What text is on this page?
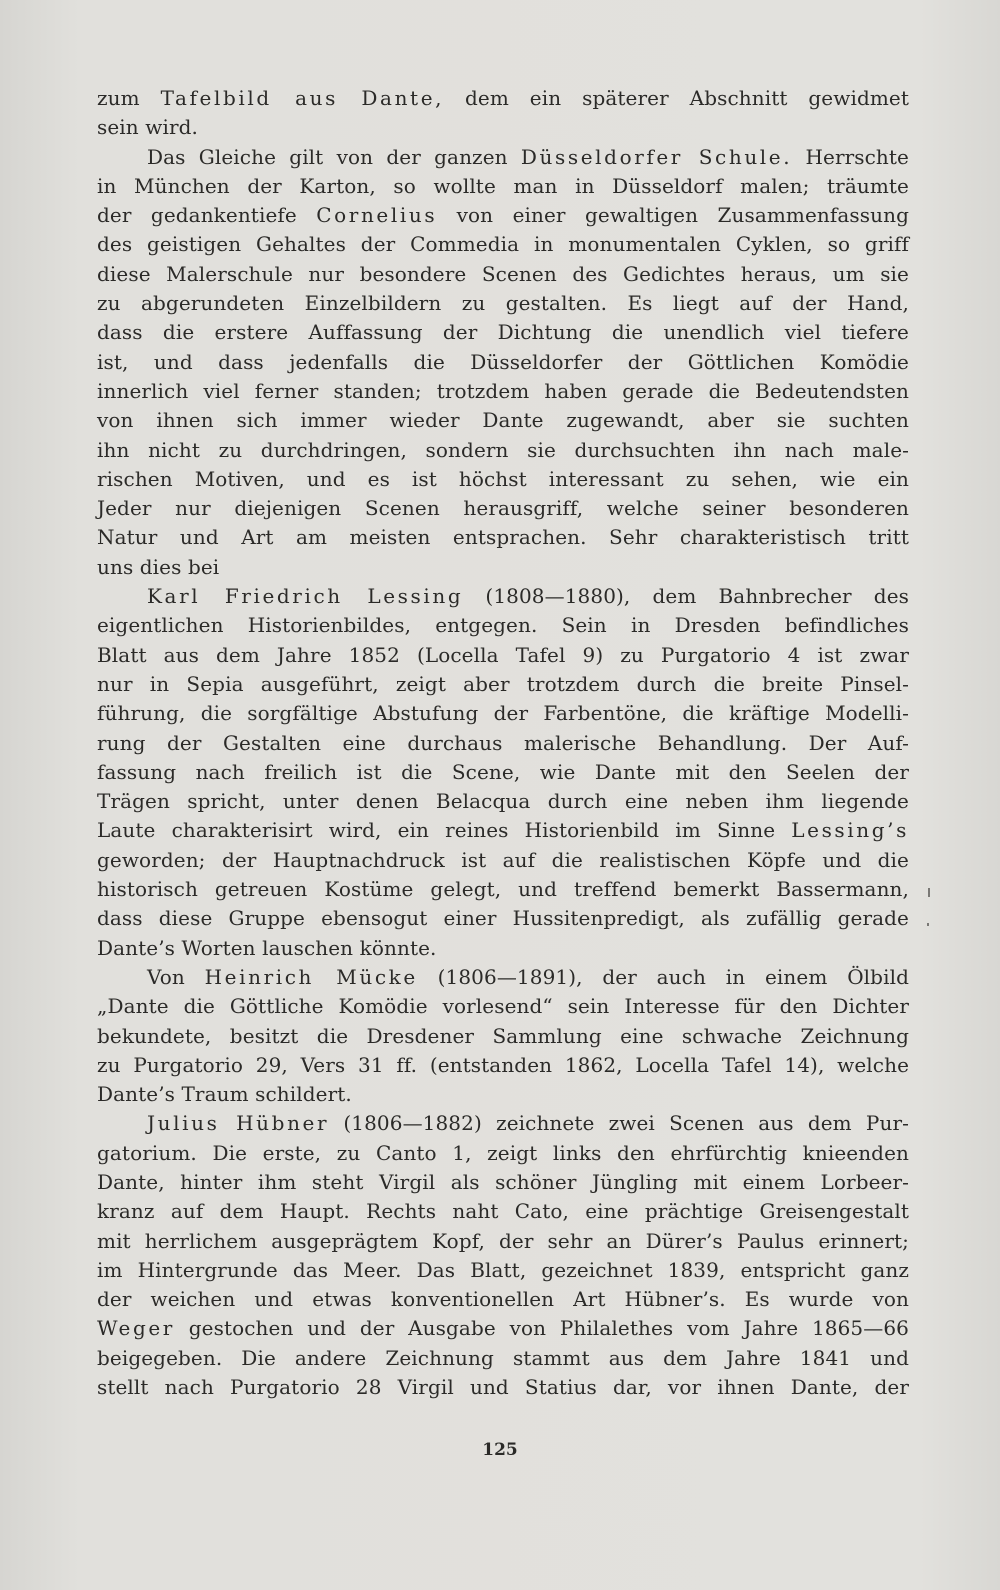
zum Tafelbild aus Dante, dem ein späterer Abschnitt gewidmet
sein wird.
Das Gleiche gilt von der ganzen Düsseldorfer Schule. Herrschte
in München der Karton, so wollte man in Düsseldorf malen; träumte
der gedankentiefe Cornelius von einer gewaltigen Zusammenfassung
des geistigen Gehaltes der Commedia in monumentalen Cyklen, so griff
diese Malerschule nur besondere Scenen des Gedichtes heraus, um sie
zu abgerundeten Einzelbildern zu gestalten. Es liegt auf der Hand,
dass die erstere Auffassung der Dichtung die unendlich viel tiefere
ist, und dass jedenfalls die Düsseldorfer der Göttlichen Komödie
innerlich viel ferner standen; trotzdem haben gerade die Bedeutendsten
von ihnen sich immer wieder Dante zugewandt, aber sie suchten
ihn nicht zu durchdringen, sondern sie durchsuchten ihn nach male-
rischen Motiven, und es ist höchst interessant zu sehen, wie ein
Jeder nur diejenigen Scenen herausgriff, welche seiner besonderen
Natur und Art am meisten entsprachen. Sehr charakteristisch tritt
uns dies bei
Karl Friedrich Lessing (1808—1880), dem Bahnbrecher des
eigentlichen Historienbildes, entgegen. Sein in Dresden befindliches
Blatt aus dem Jahre 1852 (Locella Tafel 9) zu Purgatorio 4 ist zwar
nur in Sepia ausgeführt, zeigt aber trotzdem durch die breite Pinsel-
führung, die sorgfältige Abstufung der Farbentöne, die kräftige Modelli-
rung der Gestalten eine durchaus malerische Behandlung. Der Auf-
fassung nach freilich ist die Scene, wie Dante mit den Seelen der
Trägen spricht, unter denen Belacqua durch eine neben ihm liegende
Laute charakterisirt wird, ein reines Historienbild im Sinne Lessing’s
geworden; der Hauptnachdruck ist auf die realistischen Köpfe und die
historisch getreuen Kostüme gelegt, und treffend bemerkt Bassermann,
dass diese Gruppe ebensogut einer Hussitenpredigt, als zufällig gerade
Dante’s Worten lauschen könnte.
Von Heinrich Mücke (1806—1891), der auch in einem Ölbild
„Dante die Göttliche Komödie vorlesend“ sein Interesse für den Dichter
bekundete, besitzt die Dresdener Sammlung eine schwache Zeichnung
zu Purgatorio 29, Vers 31 ff. (entstanden 1862, Locella Tafel 14), welche
Dante’s Traum schildert.
Julius Hübner (1806—1882) zeichnete zwei Scenen aus dem Pur-
gatorium. Die erste, zu Canto 1, zeigt links den ehrfürchtig knieenden
Dante, hinter ihm steht Virgil als schöner Jüngling mit einem Lorbeer-
kranz auf dem Haupt. Rechts naht Cato, eine prächtige Greisengestalt
mit herrlichem ausgeprägtem Kopf, der sehr an Dürer’s Paulus erinnert;
im Hintergrunde das Meer. Das Blatt, gezeichnet 1839, entspricht ganz
der weichen und etwas konventionellen Art Hübner’s. Es wurde von
Weger gestochen und der Ausgabe von Philalethes vom Jahre 1865—66
beigegeben. Die andere Zeichnung stammt aus dem Jahre 1841 und
stellt nach Purgatorio 28 Virgil und Statius dar, vor ihnen Dante, der
125
